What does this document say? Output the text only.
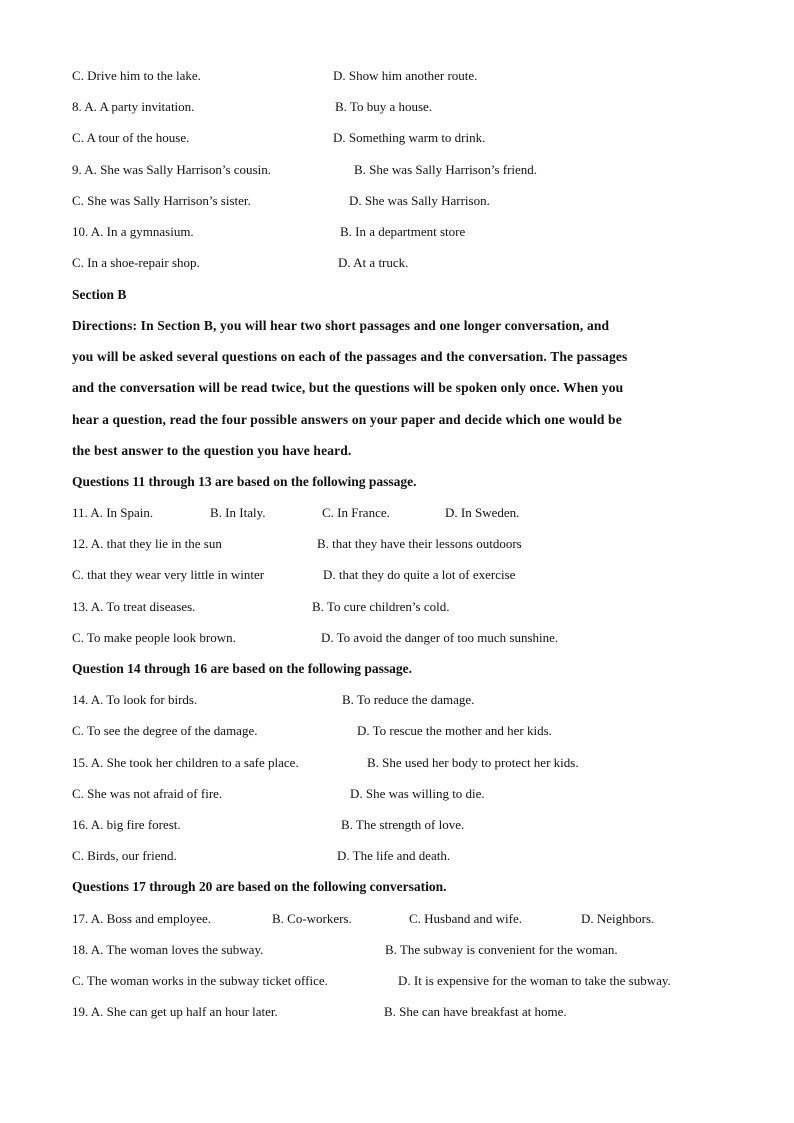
C. Drive him to the lake.	D. Show him another route.
8. A. A party invitation.	B. To buy a house.
C. A tour of the house.	D. Something warm to drink.
9. A. She was Sally Harrison’s cousin.	B. She was Sally Harrison’s friend.
C. She was Sally Harrison’s sister.	D. She was Sally Harrison.
10. A. In a gymnasium.	B. In a department store
C. In a shoe-repair shop.	D. At a truck.
Section B
Directions: In Section B, you will hear two short passages and one longer conversation, and
you will be asked several questions on each of the passages and the conversation. The passages
and the conversation will be read twice, but the questions will be spoken only once. When you
hear a question, read the four possible answers on your paper and decide which one would be
the best answer to the question you have heard.
Questions 11 through 13 are based on the following passage.
11. A. In Spain.	B. In Italy.	C. In France.	D. In Sweden.
12. A. that they lie in the sun	B. that they have their lessons outdoors
C. that they wear very little in winter	D. that they do quite a lot of exercise
13. A. To treat diseases.	B. To cure children’s cold.
C. To make people look brown.	D. To avoid the danger of too much sunshine.
Question 14 through 16 are based on the following passage.
14. A. To look for birds.	B. To reduce the damage.
C. To see the degree of the damage.	D. To rescue the mother and her kids.
15. A. She took her children to a safe place.	B. She used her body to protect her kids.
C. She was not afraid of fire.	D. She was willing to die.
16. A. big fire forest.	B. The strength of love.
C. Birds, our friend.	D. The life and death.
Questions 17 through 20 are based on the following conversation.
17. A. Boss and employee.	B. Co-workers.	C. Husband and wife.	D. Neighbors.
18. A. The woman loves the subway.	B. The subway is convenient for the woman.
C. The woman works in the subway ticket office.	D. It is expensive for the woman to take the subway.
19. A. She can get up half an hour later.	B. She can have breakfast at home.
